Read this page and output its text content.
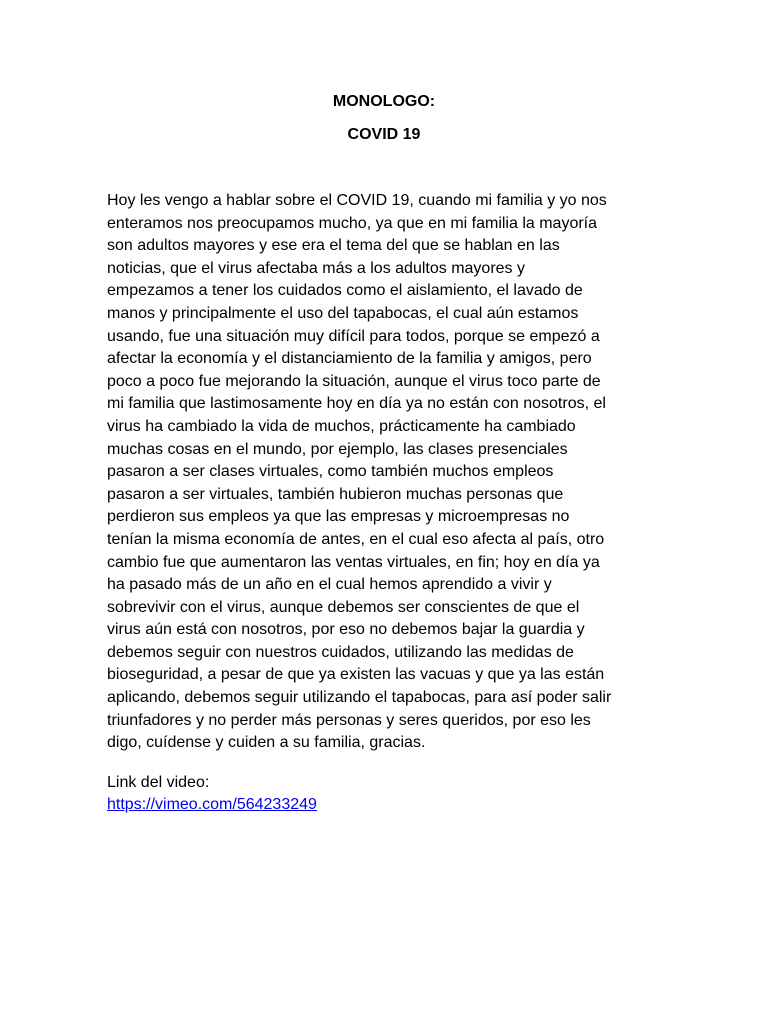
MONOLOGO:
COVID 19
Hoy les vengo a hablar sobre el COVID 19, cuando mi familia y yo nos
enteramos nos preocupamos mucho, ya que en mi familia la mayoría
son adultos mayores y ese era el tema del que se hablan en las
noticias, que el virus afectaba más a los adultos mayores y
empezamos a tener los cuidados como el aislamiento, el lavado de
manos y principalmente el uso del tapabocas, el cual aún estamos
usando, fue una situación muy difícil para todos, porque se empezó a
afectar la economía y el distanciamiento de la familia y amigos, pero
poco a poco fue mejorando la situación, aunque el virus toco parte de
mi familia que lastimosamente hoy en día ya no están con nosotros, el
virus ha cambiado la vida de muchos, prácticamente ha cambiado
muchas cosas en el mundo, por ejemplo, las clases presenciales
pasaron a ser clases virtuales, como también muchos empleos
pasaron a ser virtuales, también hubieron muchas personas que
perdieron sus empleos ya que las empresas y microempresas no
tenían la misma economía de antes, en el cual eso afecta al país, otro
cambio fue que aumentaron las ventas virtuales, en fin; hoy en día ya
ha pasado más de un año en el cual hemos aprendido a vivir y
sobrevivir con el virus, aunque debemos ser conscientes de que el
virus aún está con nosotros, por eso no debemos bajar la guardia y
debemos seguir con nuestros cuidados, utilizando las medidas de
bioseguridad, a pesar de que ya existen las vacuas y que ya las están
aplicando, debemos seguir utilizando el tapabocas, para así poder salir
triunfadores y no perder más personas y seres queridos, por eso les
digo, cuídense y cuiden a su familia, gracias.

Link del video:

https://vimeo.com/564233249
